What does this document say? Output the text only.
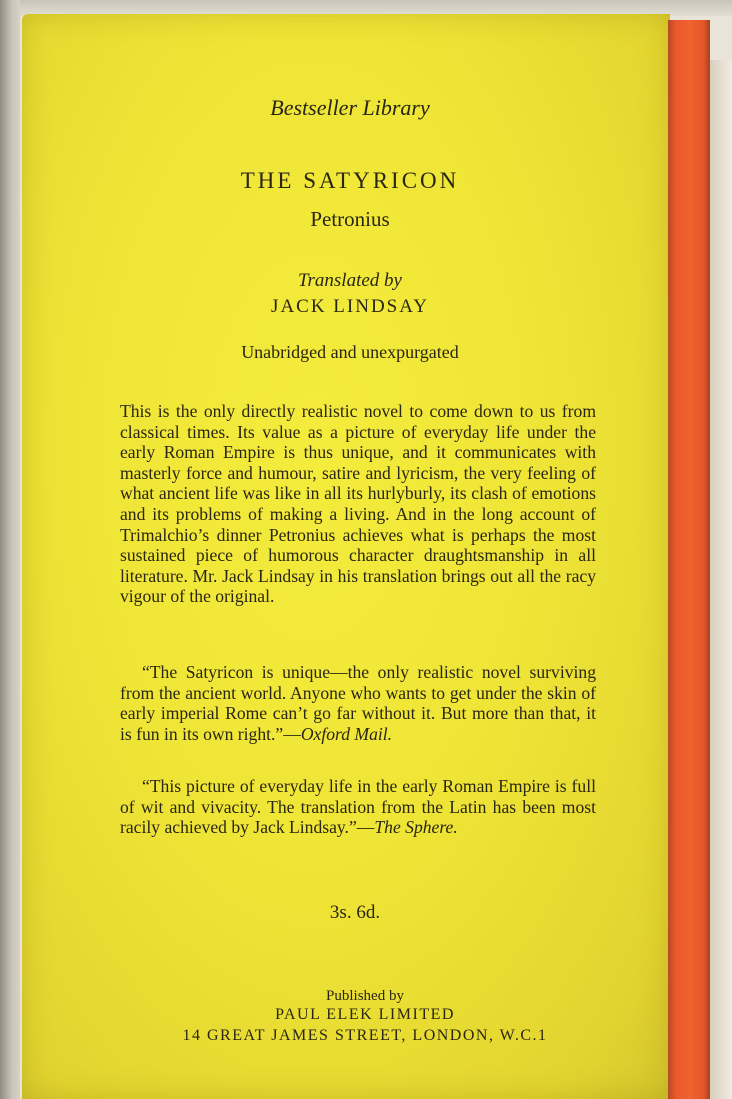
Bestseller Library
THE SATYRICON
Petronius
Translated by
JACK LINDSAY
Unabridged and unexpurgated

This is the only directly realistic novel to come down to us from classical times. Its value as a picture of everyday life under the early Roman Empire is thus unique, and it communicates with masterly force and humour, satire and lyricism, the very feeling of what ancient life was like in all its hurlyburly, its clash of emotions and its problems of making a living. And in the long account of Trimalchio’s dinner Petronius achieves what is perhaps the most sustained piece of humorous character draughtsmanship in all literature. Mr. Jack Lindsay in his translation brings out all the racy vigour of the original.

“The Satyricon is unique—the only realistic novel surviving from the ancient world. Anyone who wants to get under the skin of early imperial Rome can’t go far without it. But more than that, it is fun in its own right.”—Oxford Mail.

“This picture of everyday life in the early Roman Empire is full of wit and vivacity. The translation from the Latin has been most racily achieved by Jack Lindsay.”—The Sphere.

3s. 6d.
Published by
PAUL ELEK LIMITED
14 GREAT JAMES STREET, LONDON, W.C.1
